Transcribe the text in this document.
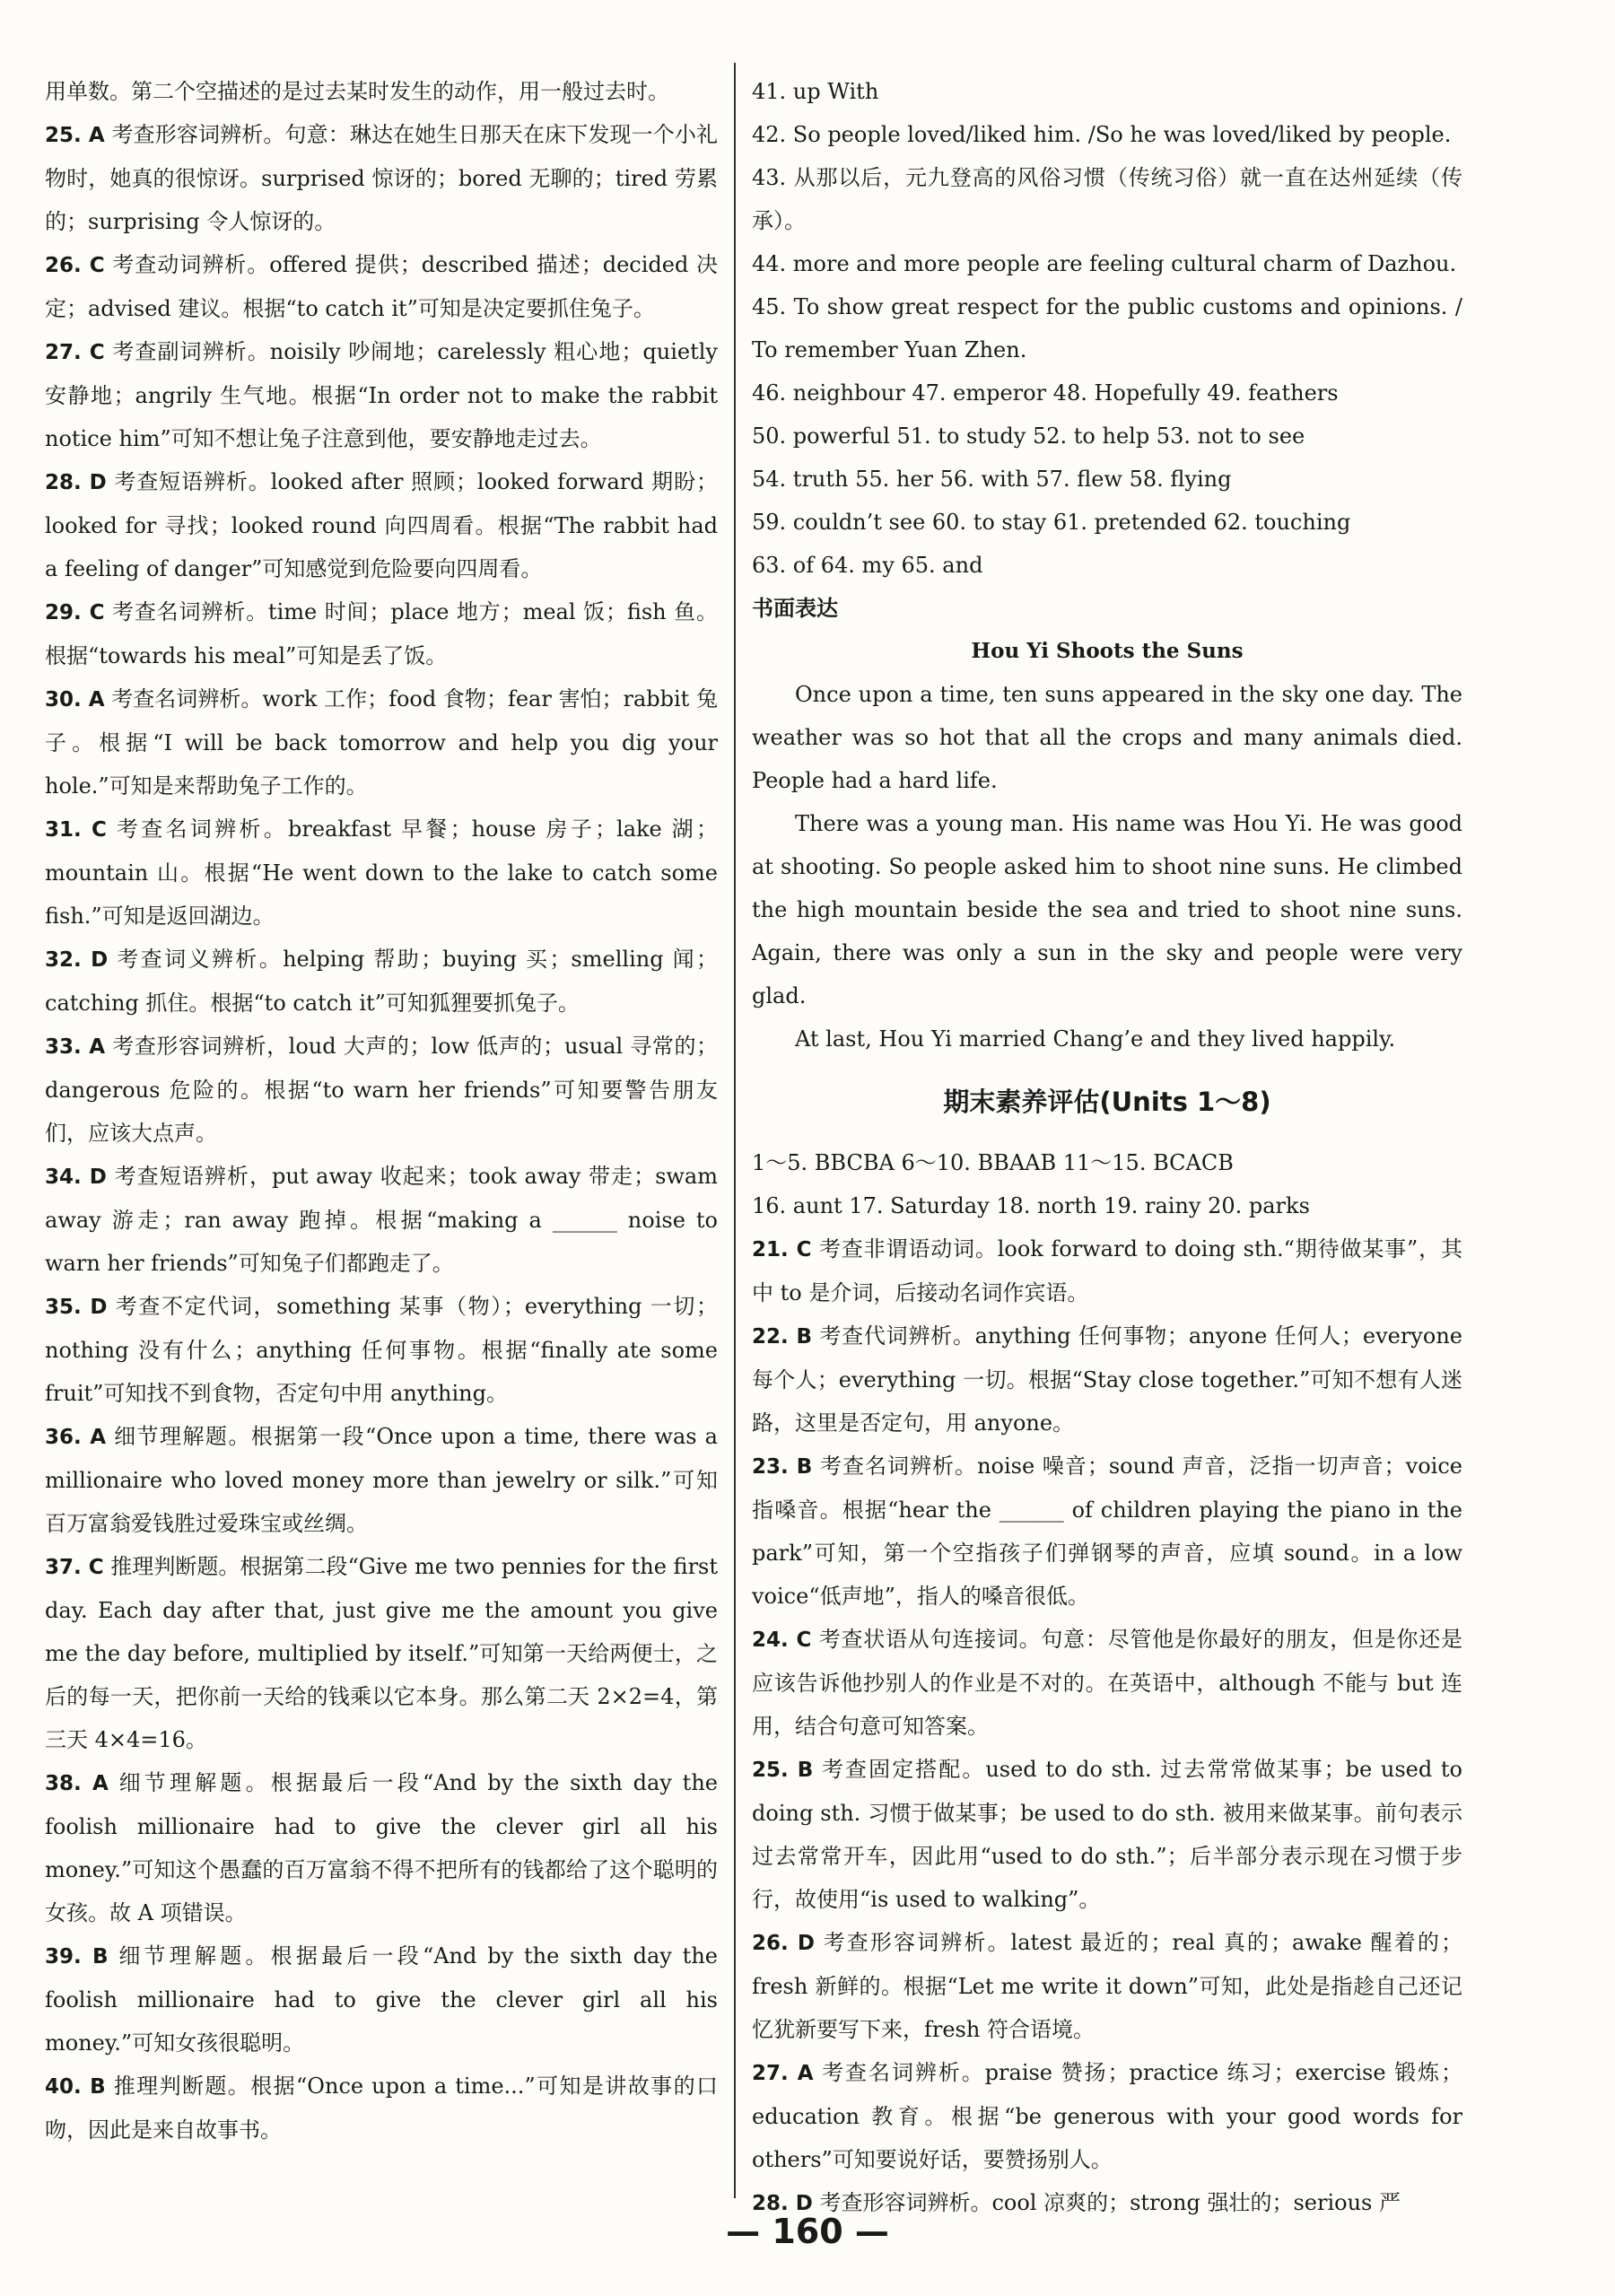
用单数。第二个空描述的是过去某时发生的动作，用一般过去时。

25. A 考查形容词辨析。句意：琳达在她生日那天在床下发现一个小礼物时，她真的很惊讶。surprised 惊讶的；bored 无聊的；tired 劳累的；surprising 令人惊讶的。

26. C 考查动词辨析。offered 提供；described 描述；decided 决定；advised 建议。根据“to catch it”可知是决定要抓住兔子。

27. C 考查副词辨析。noisily 吵闹地；carelessly 粗心地；quietly 安静地；angrily 生气地。根据“In order not to make the rabbit notice him”可知不想让兔子注意到他，要安静地走过去。

28. D 考查短语辨析。looked after 照顾；looked forward 期盼；looked for 寻找；looked round 向四周看。根据“The rabbit had a feeling of danger”可知感觉到危险要向四周看。

29. C 考查名词辨析。time 时间；place 地方；meal 饭；fish 鱼。根据“towards his meal”可知是丢了饭。

30. A 考查名词辨析。work 工作；food 食物；fear 害怕；rabbit 兔子。根据“I will be back tomorrow and help you dig your hole.”可知是来帮助兔子工作的。

31. C 考查名词辨析。breakfast 早餐；house 房子；lake 湖；mountain 山。根据“He went down to the lake to catch some fish.”可知是返回湖边。

32. D 考查词义辨析。helping 帮助；buying 买；smelling 闻；catching 抓住。根据“to catch it”可知狐狸要抓兔子。

33. A 考查形容词辨析，loud 大声的；low 低声的；usual 寻常的；dangerous 危险的。根据“to warn her friends”可知要警告朋友们，应该大点声。

34. D 考查短语辨析，put away 收起来；took away 带走；swam away 游走；ran away 跑掉。根据“making a ______ noise to warn her friends”可知兔子们都跑走了。

35. D 考查不定代词，something 某事（物）；everything 一切；nothing 没有什么；anything 任何事物。根据“finally ate some fruit”可知找不到食物，否定句中用 anything。

36. A 细节理解题。根据第一段“Once upon a time, there was a millionaire who loved money more than jewelry or silk.”可知百万富翁爱钱胜过爱珠宝或丝绸。

37. C 推理判断题。根据第二段“Give me two pennies for the first day. Each day after that, just give me the amount you give me the day before, multiplied by itself.”可知第一天给两便士，之后的每一天，把你前一天给的钱乘以它本身。那么第二天 2×2=4，第三天 4×4=16。

38. A 细节理解题。根据最后一段“And by the sixth day the foolish millionaire had to give the clever girl all his money.”可知这个愚蠢的百万富翁不得不把所有的钱都给了这个聪明的女孩。故 A 项错误。

39. B 细节理解题。根据最后一段“And by the sixth day the foolish millionaire had to give the clever girl all his money.”可知女孩很聪明。

40. B 推理判断题。根据“Once upon a time...”可知是讲故事的口吻，因此是来自故事书。

41. up With

42. So people loved/liked him. /So he was loved/liked by people.

43. 从那以后，元九登高的风俗习惯（传统习俗）就一直在达州延续（传承）。

44. more and more people are feeling cultural charm of Dazhou.

45. To show great respect for the public customs and opinions. / To remember Yuan Zhen.

46. neighbour 47. emperor 48. Hopefully 49. feathers

50. powerful 51. to study 52. to help 53. not to see

54. truth 55. her 56. with 57. flew 58. flying

59. couldn’t see 60. to stay 61. pretended 62. touching

63. of 64. my 65. and

书面表达

Hou Yi Shoots the Suns

Once upon a time, ten suns appeared in the sky one day. The weather was so hot that all the crops and many animals died. People had a hard life.

There was a young man. His name was Hou Yi. He was good at shooting. So people asked him to shoot nine suns. He climbed the high mountain beside the sea and tried to shoot nine suns. Again, there was only a sun in the sky and people were very glad.

At last, Hou Yi married Chang’e and they lived happily.

期末素养评估(Units 1～8)

1～5. BBCBA 6～10. BBAAB 11～15. BCACB

16. aunt 17. Saturday 18. north 19. rainy 20. parks

21. C 考查非谓语动词。look forward to doing sth.“期待做某事”，其中 to 是介词，后接动名词作宾语。

22. B 考查代词辨析。anything 任何事物；anyone 任何人；everyone 每个人；everything 一切。根据“Stay close together.”可知不想有人迷路，这里是否定句，用 anyone。

23. B 考查名词辨析。noise 噪音；sound 声音，泛指一切声音；voice 指嗓音。根据“hear the ______ of children playing the piano in the park”可知，第一个空指孩子们弹钢琴的声音，应填 sound。in a low voice“低声地”，指人的嗓音很低。

24. C 考查状语从句连接词。句意：尽管他是你最好的朋友，但是你还是应该告诉他抄别人的作业是不对的。在英语中，although 不能与 but 连用，结合句意可知答案。

25. B 考查固定搭配。used to do sth. 过去常常做某事；be used to doing sth. 习惯于做某事；be used to do sth. 被用来做某事。前句表示过去常常开车，因此用“used to do sth.”；后半部分表示现在习惯于步行，故使用“is used to walking”。

26. D 考查形容词辨析。latest 最近的；real 真的；awake 醒着的；fresh 新鲜的。根据“Let me write it down”可知，此处是指趁自己还记忆犹新要写下来，fresh 符合语境。

27. A 考查名词辨析。praise 赞扬；practice 练习；exercise 锻炼；education 教育。根据“be generous with your good words for others”可知要说好话，要赞扬别人。

28. D 考查形容词辨析。cool 凉爽的；strong 强壮的；serious 严

— 160 —
